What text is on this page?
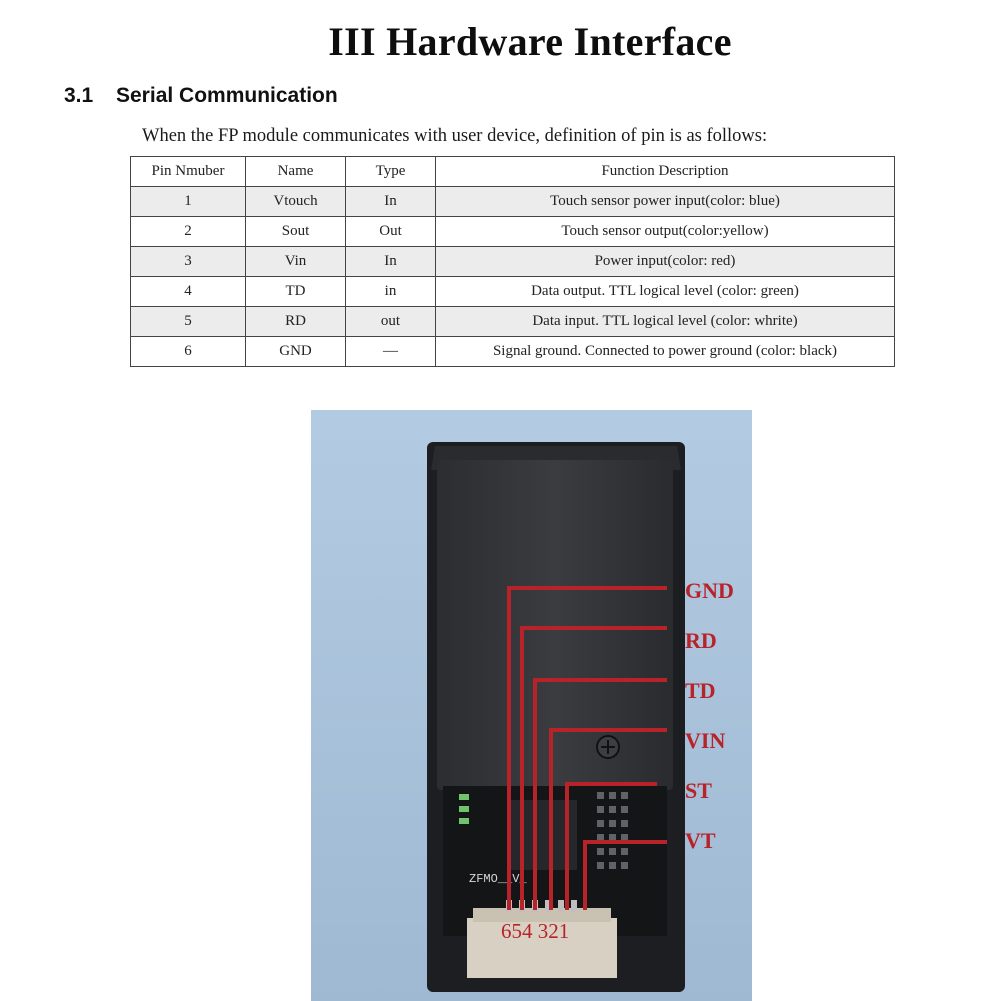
III Hardware Interface
3.1 Serial Communication
When the FP module communicates with user device, definition of pin is as follows:
Pin Nmuber	Name	Type	Function Description
1	Vtouch	In	Touch sensor power input(color: blue)
2	Sout	Out	Touch sensor output(color:yellow)
3	Vin	In	Power input(color: red)
4	TD	in	Data output. TTL logical level (color: green)
5	RD	out	Data input. TTL logical level (color: whrite)
6	GND	—	Signal ground. Connected to power ground (color: black)
ZFMO__V_
GND
RD
TD
VIN
ST
VT
654 321
